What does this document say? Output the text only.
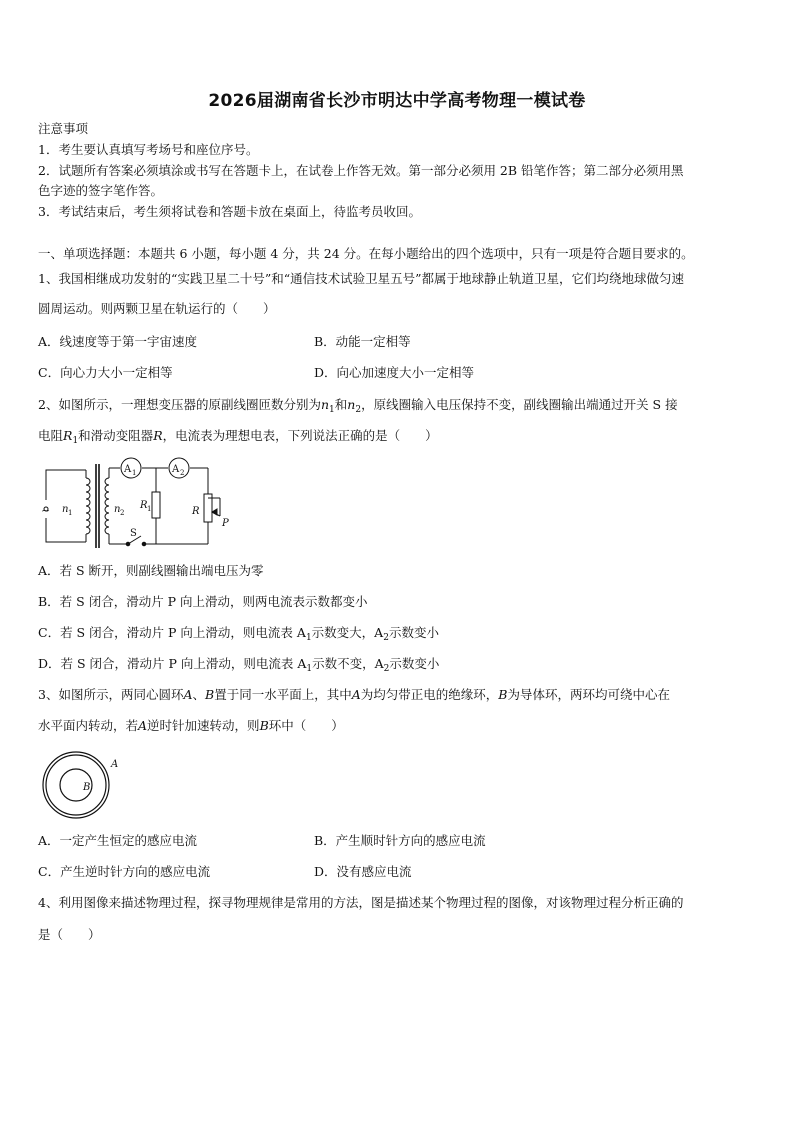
2026届湖南省长沙市明达中学高考物理一模试卷
注意事项
1．考生要认真填写考场号和座位序号。
2．试题所有答案必须填涂或书写在答题卡上，在试卷上作答无效。第一部分必须用 2B 铅笔作答；第二部分必须用黑
色字迹的签字笔作答。
3．考试结束后，考生须将试卷和答题卡放在桌面上，待监考员收回。
一、单项选择题：本题共 6 小题，每小题 4 分，共 24 分。在每小题给出的四个选项中，只有一项是符合题目要求的。
1、我国相继成功发射的“实践卫星二十号”和“通信技术试验卫星五号”都属于地球静止轨道卫星，它们均绕地球做匀速
圆周运动。则两颗卫星在轨运行的（　　）
A．线速度等于第一宇宙速度	B．动能一定相等
C．向心力大小一定相等	D．向心加速度大小一定相等
2、如图所示，一理想变压器的原副线圈匝数分别为$n_1$和$n_2$，原线圈输入电压保持不变，副线圈输出端通过开关 S 接
电阻$R_1$和滑动变阻器R，电流表为理想电表，下列说法正确的是（　　）
A 1	A 2
~ n 1	n 2
R 1	R
P
S
A．若 S 断开，则副线圈输出端电压为零
B．若 S 闭合，滑动片 P 向上滑动，则两电流表示数都变小
C．若 S 闭合，滑动片 P 向上滑动，则电流表 $A_1$示数变大，$A_2$示数变小
D．若 S 闭合，滑动片 P 向上滑动，则电流表 $A_1$示数不变，$A_2$示数变小
3、如图所示，两同心圆环A、B置于同一水平面上，其中A为均匀带正电的绝缘环，B为导体环，两环均可绕中心在
水平面内转动，若A逆时针加速转动，则B环中（　　）
A
B
A．一定产生恒定的感应电流	B．产生顺时针方向的感应电流
C．产生逆时针方向的感应电流	D．没有感应电流
4、利用图像来描述物理过程，探寻物理规律是常用的方法，图是描述某个物理过程的图像，对该物理过程分析正确的
是（　　）
